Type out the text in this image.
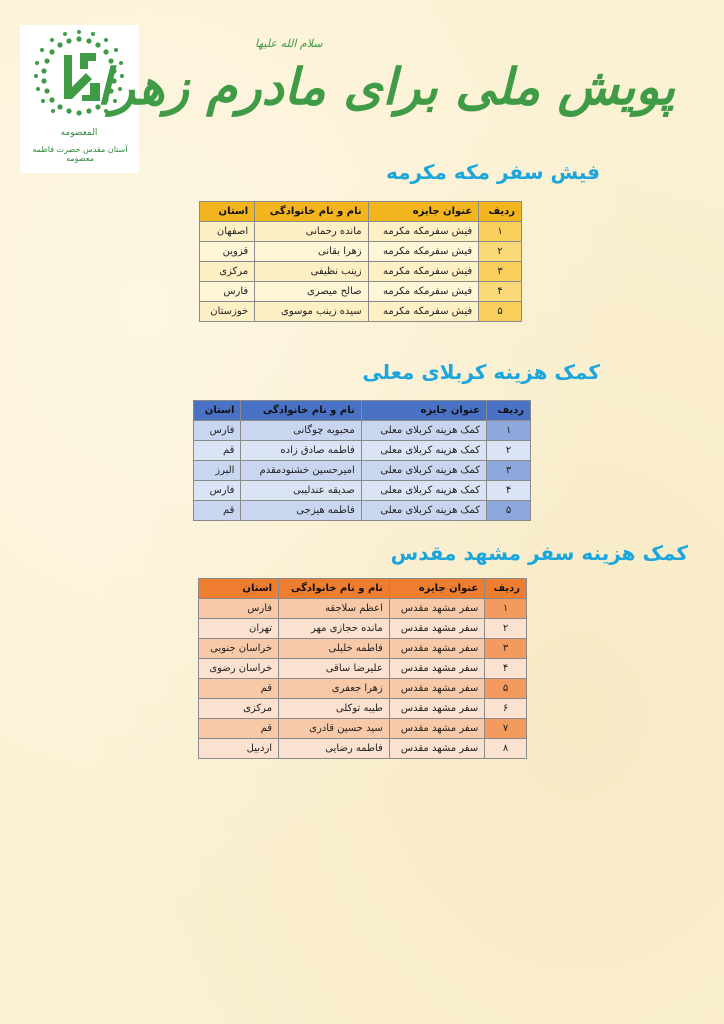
المعصومه
آستان مقدس حضرت فاطمه معصومه
سلام الله علیها
پویش ملی برای مادرم زهرا
فیش سفر مکه مکرمه
ردیف	عنوان جایزه	نام و نام خانوادگی	استان
۱	فیش سفرمکه مکرمه	مانده رحمانی	اصفهان
۲	فیش سفرمکه مکرمه	زهرا بقانی	قزوین
۳	فیش سفرمکه مکرمه	زینب نظیفی	مرکزی
۴	فیش سفرمکه مکرمه	صالح میصری	فارس
۵	فیش سفرمکه مکرمه	سیده زینب موسوی	خوزستان
کمک هزینه کربلای معلی
ردیف	عنوان جایزه	نام و نام خانوادگی	استان
۱	کمک هزینه کربلای معلی	محبوبه چوگانی	فارس
۲	کمک هزینه کربلای معلی	فاطمه صادق زاده	قم
۳	کمک هزینه کربلای معلی	امیرحسین خشنودمقدم	البرز
۴	کمک هزینه کربلای معلی	صدیقه عندلیبی	فارس
۵	کمک هزینه کربلای معلی	فاطمه هیزجی	قم
کمک هزینه سفر مشهد مقدس
ردیف	عنوان جایزه	نام و نام خانوادگی	استان
۱	سفر مشهد مقدس	اعظم سلاجقه	فارس
۲	سفر مشهد مقدس	مانده حجازی مهر	تهران
۳	سفر مشهد مقدس	فاطمه خلیلی	خراسان جنوبی
۴	سفر مشهد مقدس	علیرضا ساقی	خراسان رضوی
۵	سفر مشهد مقدس	زهرا جعفری	قم
۶	سفر مشهد مقدس	طیبه توکلی	مرکزی
۷	سفر مشهد مقدس	سید حسین قادری	قم
۸	سفر مشهد مقدس	فاطمه رضایی	اردبیل
